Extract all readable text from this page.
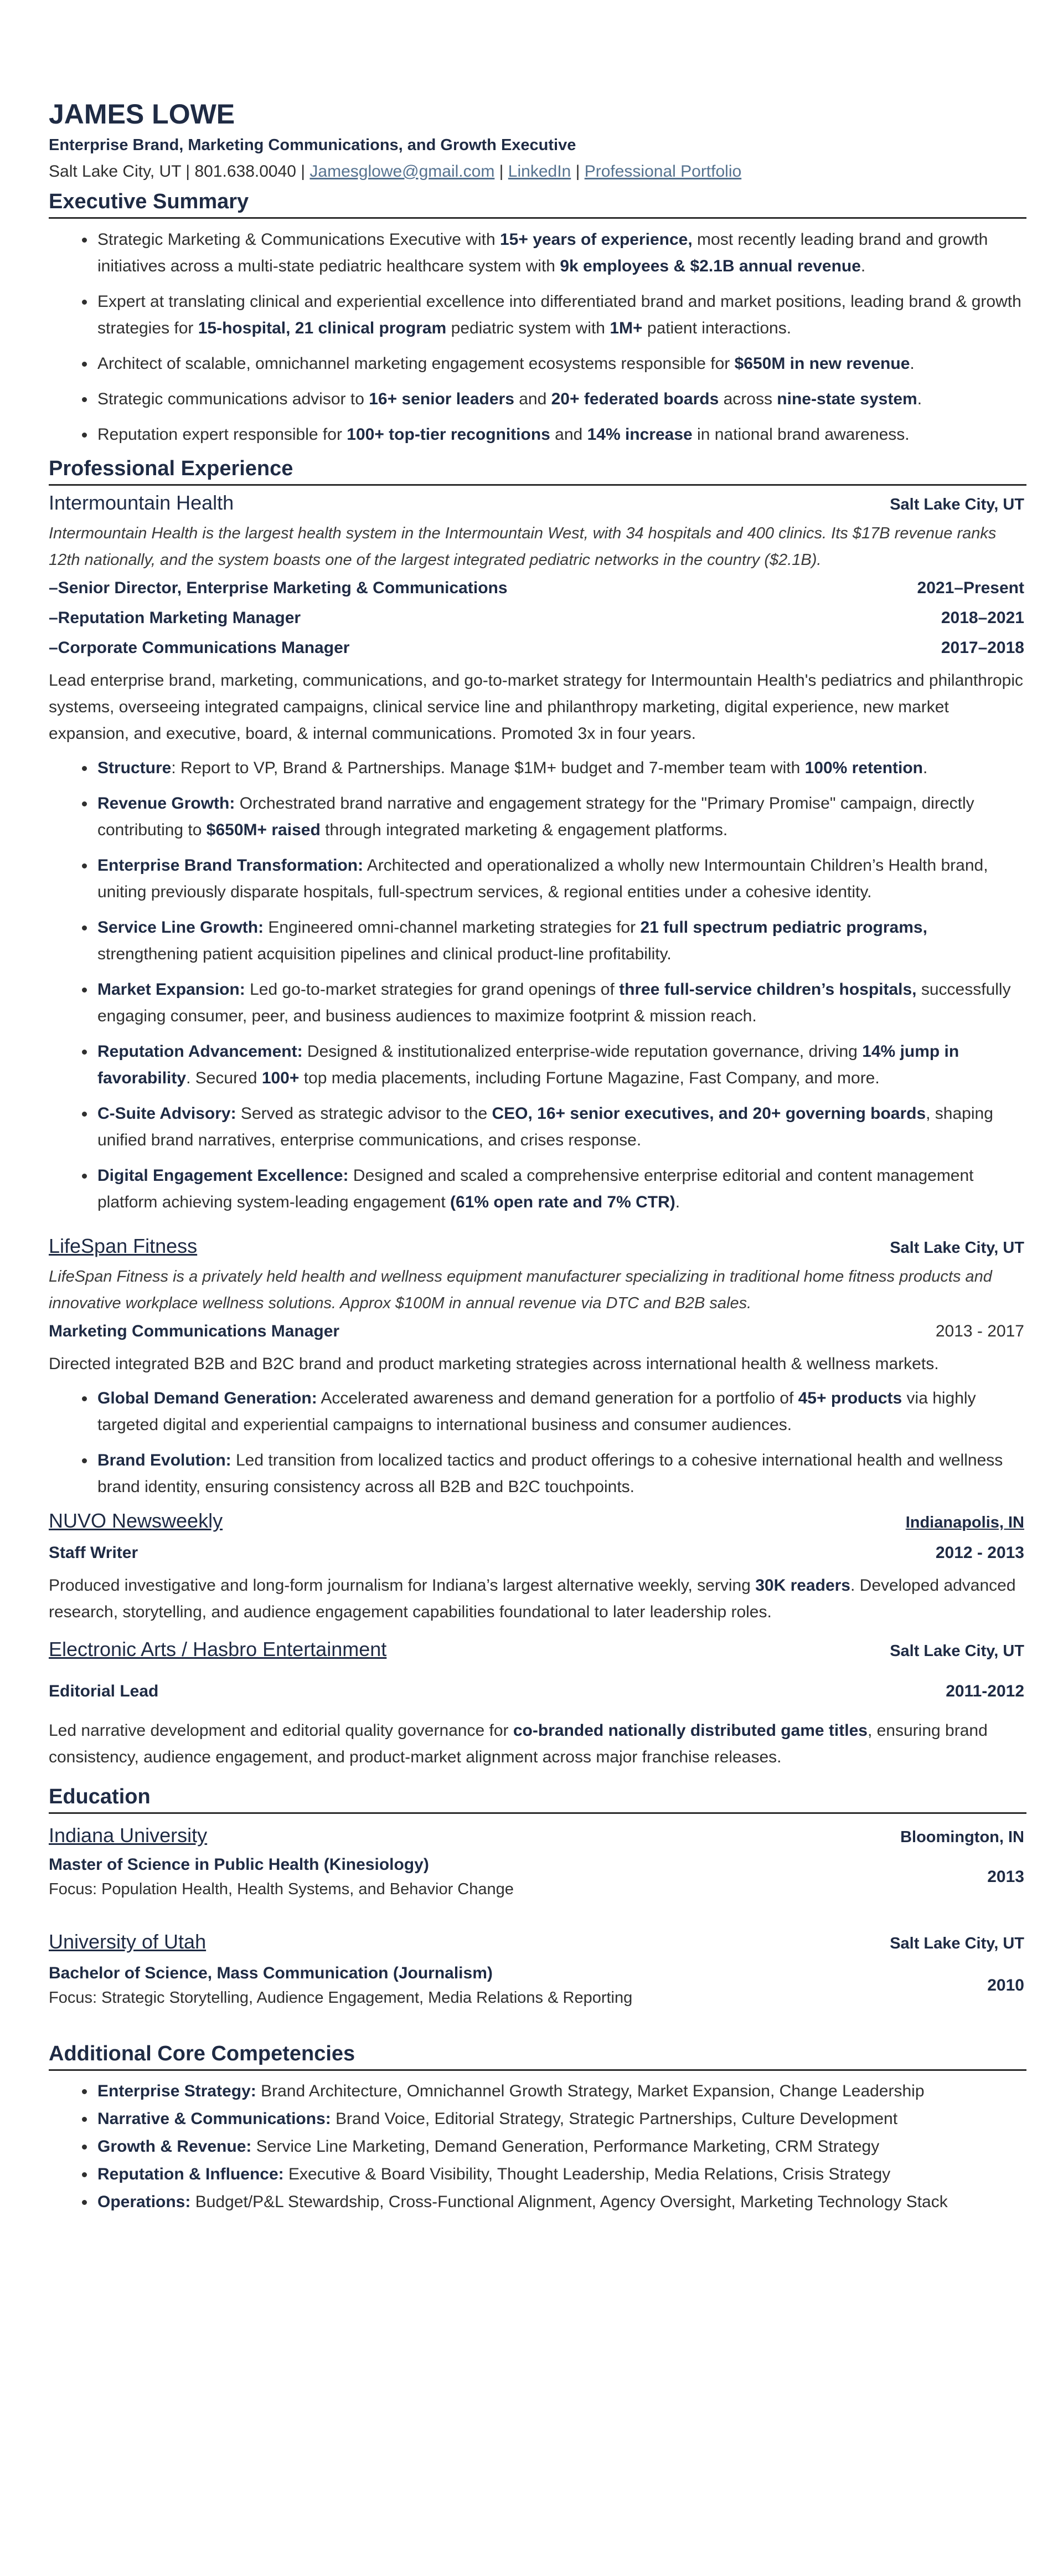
JAMES LOWE
Enterprise Brand, Marketing Communications, and Growth Executive
Salt Lake City, UT | 801.638.0040 | Jamesglowe@gmail.com | LinkedIn | Professional Portfolio
Executive Summary
• Strategic Marketing & Communications Executive with 15+ years of experience, most recently leading brand and growth initiatives across a multi-state pediatric healthcare system with 9k employees & $2.1B annual revenue.
• Expert at translating clinical and experiential excellence into differentiated brand and market positions, leading brand & growth strategies for 15-hospital, 21 clinical program pediatric system with 1M+ patient interactions.
• Architect of scalable, omnichannel marketing engagement ecosystems responsible for $650M in new revenue.
• Strategic communications advisor to 16+ senior leaders and 20+ federated boards across nine-state system.
• Reputation expert responsible for 100+ top-tier recognitions and 14% increase in national brand awareness.
Professional Experience
Intermountain Health	Salt Lake City, UT
Intermountain Health is the largest health system in the Intermountain West, with 34 hospitals and 400 clinics. Its $17B revenue ranks 12th nationally, and the system boasts one of the largest integrated pediatric networks in the country ($2.1B).
–Senior Director, Enterprise Marketing & Communications	2021–Present
–Reputation Marketing Manager	2018–2021
–Corporate Communications Manager	2017–2018
Lead enterprise brand, marketing, communications, and go-to-market strategy for Intermountain Health's pediatrics and philanthropic systems, overseeing integrated campaigns, clinical service line and philanthropy marketing, digital experience, new market expansion, and executive, board, & internal communications. Promoted 3x in four years.
• Structure: Report to VP, Brand & Partnerships. Manage $1M+ budget and 7-member team with 100% retention.
• Revenue Growth: Orchestrated brand narrative and engagement strategy for the "Primary Promise" campaign, directly contributing to $650M+ raised through integrated marketing & engagement platforms.
• Enterprise Brand Transformation: Architected and operationalized a wholly new Intermountain Children’s Health brand, uniting previously disparate hospitals, full-spectrum services, & regional entities under a cohesive identity.
• Service Line Growth: Engineered omni-channel marketing strategies for 21 full spectrum pediatric programs, strengthening patient acquisition pipelines and clinical product-line profitability.
• Market Expansion: Led go-to-market strategies for grand openings of three full-service children’s hospitals, successfully engaging consumer, peer, and business audiences to maximize footprint & mission reach.
• Reputation Advancement: Designed & institutionalized enterprise-wide reputation governance, driving 14% jump in favorability. Secured 100+ top media placements, including Fortune Magazine, Fast Company, and more.
• C-Suite Advisory: Served as strategic advisor to the CEO, 16+ senior executives, and 20+ governing boards, shaping unified brand narratives, enterprise communications, and crises response.
• Digital Engagement Excellence: Designed and scaled a comprehensive enterprise editorial and content management platform achieving system-leading engagement (61% open rate and 7% CTR).
LifeSpan Fitness	Salt Lake City, UT
LifeSpan Fitness is a privately held health and wellness equipment manufacturer specializing in traditional home fitness products and innovative workplace wellness solutions. Approx $100M in annual revenue via DTC and B2B sales.
Marketing Communications Manager	2013 - 2017
Directed integrated B2B and B2C brand and product marketing strategies across international health & wellness markets.
• Global Demand Generation: Accelerated awareness and demand generation for a portfolio of 45+ products via highly targeted digital and experiential campaigns to international business and consumer audiences.
• Brand Evolution: Led transition from localized tactics and product offerings to a cohesive international health and wellness brand identity, ensuring consistency across all B2B and B2C touchpoints.
NUVO Newsweekly	Indianapolis, IN
Staff Writer	2012 - 2013
Produced investigative and long-form journalism for Indiana’s largest alternative weekly, serving 30K readers. Developed advanced research, storytelling, and audience engagement capabilities foundational to later leadership roles.
Electronic Arts / Hasbro Entertainment	Salt Lake City, UT
Editorial Lead	2011-2012
Led narrative development and editorial quality governance for co-branded nationally distributed game titles, ensuring brand consistency, audience engagement, and product-market alignment across major franchise releases.
Education
Indiana University	Bloomington, IN
Master of Science in Public Health (Kinesiology)
Focus: Population Health, Health Systems, and Behavior Change
2013
University of Utah	Salt Lake City, UT
Bachelor of Science, Mass Communication (Journalism)
Focus: Strategic Storytelling, Audience Engagement, Media Relations & Reporting
2010
Additional Core Competencies
• Enterprise Strategy: Brand Architecture, Omnichannel Growth Strategy, Market Expansion, Change Leadership
• Narrative & Communications: Brand Voice, Editorial Strategy, Strategic Partnerships, Culture Development
• Growth & Revenue: Service Line Marketing, Demand Generation, Performance Marketing, CRM Strategy
• Reputation & Influence: Executive & Board Visibility, Thought Leadership, Media Relations, Crisis Strategy
• Operations: Budget/P&L Stewardship, Cross-Functional Alignment, Agency Oversight, Marketing Technology Stack
